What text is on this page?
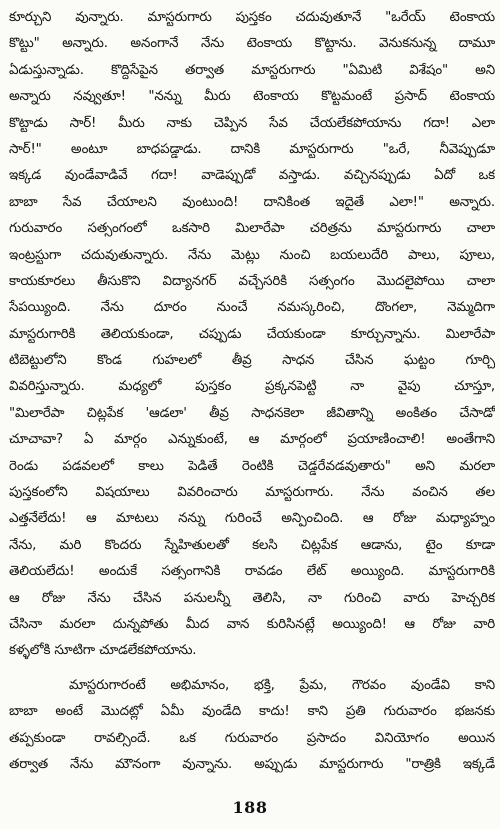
కూర్చుని వున్నారు. మాస్టరుగారు పుస్తకం చదువుతూనే "ఒరేయ్ టెంకాయ
కొట్టు" అన్నారు. అనంగానే నేను టెంకాయ కొట్టాను. వెనుకనున్న దామూ
ఏడుస్తున్నాడు. కొద్దిసేపైన తర్వాత మాస్టరుగారు "ఏమిటి విశేషం" అని
అన్నారు నవ్వుతూ! "నన్ను మీరు టెంకాయ కొట్టమంటే ప్రసాద్ టెంకాయ
కొట్టాడు సార్! మీరు నాకు చెప్పిన సేవ చేయలేకపోయాను గదా! ఎలా
సార్!" అంటూ బాధపడ్డాడు. దానికి మాస్టరుగారు "ఒరే, నీవెప్పుడూ
ఇక్కడ వుండేవాడివే గదా! వాడెప్పుడో వస్తాడు. వచ్చినప్పుడు ఏదో ఒక
బాబా సేవ చేయాలని వుంటుంది! దానికింత ఇదైతే ఎలా!" అన్నారు.
గురువారం సత్సంగంలో ఒకసారి మిలారేపా చరిత్రను మాస్టరుగారు చాలా
ఇంట్రస్టుగా చదువుతున్నారు. నేను మెట్లు నుంచి బయలుదేరి పాలు, పూలు,
కాయకూరలు తీసుకొని విద్యానగర్ వచ్చేసరికి సత్సంగం మొదలైపోయి చాలా
సేపయ్యింది. నేను దూరం నుంచే నమస్కరించి, దొంగలా, నెమ్మదిగా
మాస్టరుగారికి తెలియకుండా, చప్పుడు చేయకుండా కూర్చున్నాను. మిలారేపా
టిబెట్టులోని కొండ గుహలలో తీవ్ర సాధన చేసిన ఘట్టం గూర్చి
వివరిస్తున్నారు. మధ్యలో పుస్తకం ప్రక్కనపెట్టి నా వైపు చూస్తూ,
"మిలారేపా చిట్లపేక 'ఆడలా' తీవ్ర సాధనకెలా జీవితాన్ని అంకితం చేసాడో
చూచావా? ఏ మార్గం ఎన్నుకుంటే, ఆ మార్గంలో ప్రయాణించాలి! అంతేగాని
రెండు పడవలలో కాలు పెడితే రెంటికి చెడ్డరేవడవుతారు" అని మరలా
పుస్తకంలోని విషయాలు వివరించారు మాస్టరుగారు. నేను వంచిన తల
ఎత్తనేలేదు! ఆ మాటలు నన్ను గురించే అన్పించింది. ఆ రోజు మధ్యాహ్నం
నేను, మరి కొందరు స్నేహితులతో కలసి చిట్లపేక ఆడాను, టైం కూడా
తెలియలేదు! అందుకే సత్సంగానికి రావడం లేట్ అయ్యింది. మాస్టరుగారికి
ఆ రోజు నేను చేసిన పనులన్నీ తెలిసి, నా గురించి వారు హెచ్చరిక
చేసినా మరలా దున్నపోతు మీద వాన కురిసినట్లే అయ్యింది! ఆ రోజు వారి
కళ్ళలోకి సూటిగా చూడలేకపోయాను.
మాస్టరుగారంటే అభిమానం, భక్తి, ప్రేమ, గౌరవం వుండేవి కాని
బాబా అంటే మొదట్లో ఏమీ వుండేది కాదు! కాని ప్రతి గురువారం భజనకు
తప్పకుండా రావల్సిందే. ఒక గురువారం ప్రసాదం వినియోగం అయిన
తర్వాత నేను మౌనంగా వున్నాను. అప్పుడు మాస్టరుగారు "రాత్రికి ఇక్కడే
188
